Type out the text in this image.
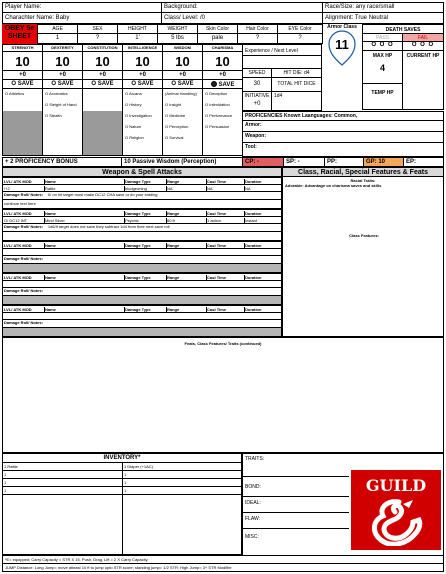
Player Name:
Charachter Name: Baby
Background:
Class/ Level: /0
Race/Size: any race/small
Alignment: True Neutral
OBEY 5e SHEET
AGE
1
SEX
?
HEIGHT
1'
WEIGHT
5 lbs
Skin Color
pale
Hair Color
?
EYE Color
?
STRENGTH
10
+0
O SAVE
O Athletics
DEXTERITY
10
+0
O SAVE
O Acrobatics
O Sleight of Hand
O Stealth
CONSTITUTION
10
+0
O SAVE
INTELLIGENCE
10
+0
O SAVE
O Arcana
O History
O Investigation
O Nature
O Religion
WISDOM
10
+0
O SAVE
(Animal Handling)
O Insight
O Medicine
O Perception
O Survival
CHARISMA
10
+0
SAVE
O Deception
O Intimidation
O Performance
O Persuasion
Experience / Next Level
SPEED
30
HIT DIE: d4
TOTAL HIT DICE
INITIATIVE
+0
1d4
Armor Class
11
DEATH SAVES
PASS	FAIL
O O O	O O O
MAX HP
4
CURRENT HP
TEMP HP
PROFICENCIES Known Laanguages: Common,
Armor:
Weapon:
Tool:
+ 2 PROFICENCY BONUS	10 Passive Wisdom (Perception)	CP: -	SP: -	PP:	GP: 10	EP:
Weapon & Spell Attacks
LVL/ ATK MOD	Name	Damage Type	Range	Cast Time	Duration
/+2	Rattle	bludgeoning	NA	NA	NA
Damage Roll/ Notes: 0/ on hit target must make DC12 CHA save or do your bidding
continue text here
LVL/ ATK MOD	Name	Damage Type	Range	Cast Time	Duration
O/ DC12 INT	Mind Sliver	Psychic	60 ft	1 action	Instant
Damage Roll/ Notes: 1d6/if target does not save they subtract 1d4 from their next save roll
LVL/ ATK MOD	Name	Damage Type	Range	Cast Time	Duration
Damage Roll/ Notes:
LVL/ ATK MOD	Name	Damage Type	Range	Cast Time	Duration
Damage Roll/ Notes:
LVL/ ATK MOD	Name	Damage Type	Range	Cast Time	Duration
Damage Roll/ Notes:
Class, Racial, Special Features & Feats
Racial Traits:
Adorable: Advantage on charisma saves and skills
Class Features:
Feats, Class Features/ Traits (continued)
INVENTORY*
1 Rattle	1 Diaper (+1AC)
1	1
1	1
1	1
TRAITS:
BOND:
IDEAL:
FLAW:
MISC:
GUILD
*E= equipped; Carry Capacity = STR X 15. Push, Drag, Lift = 2 X Carry Capacity.
JUMP Distance: Long Jump= move atleast 10 ft to jump upto STR score; standing jump= 1/2 STR; High Jump= 3+ STR Modifier
